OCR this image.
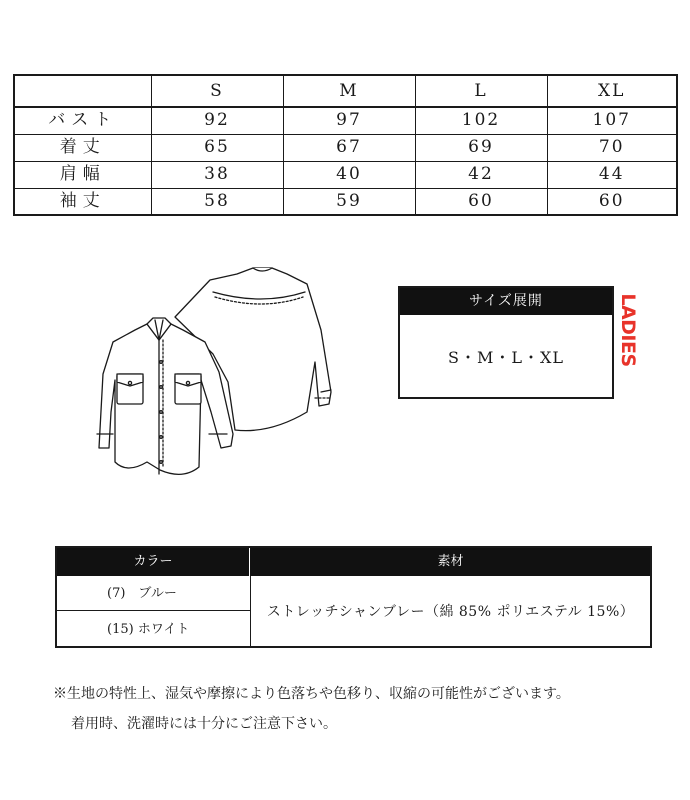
	S	M	L	XL
バスト	92	97	102	107
着丈	65	67	69	70
肩幅	38	40	42	44
袖丈	58	59	60	60
サイズ展開
S・M・L・XL	LADIES
カラー	素材
(7)　ブルー
(15) ホワイト
ストレッチシャンブレー（綿 85% ポリエステル 15%）
※生地の特性上、湿気や摩擦により色落ちや色移り、収縮の可能性がございます。
着用時、洗濯時には十分にご注意下さい。
